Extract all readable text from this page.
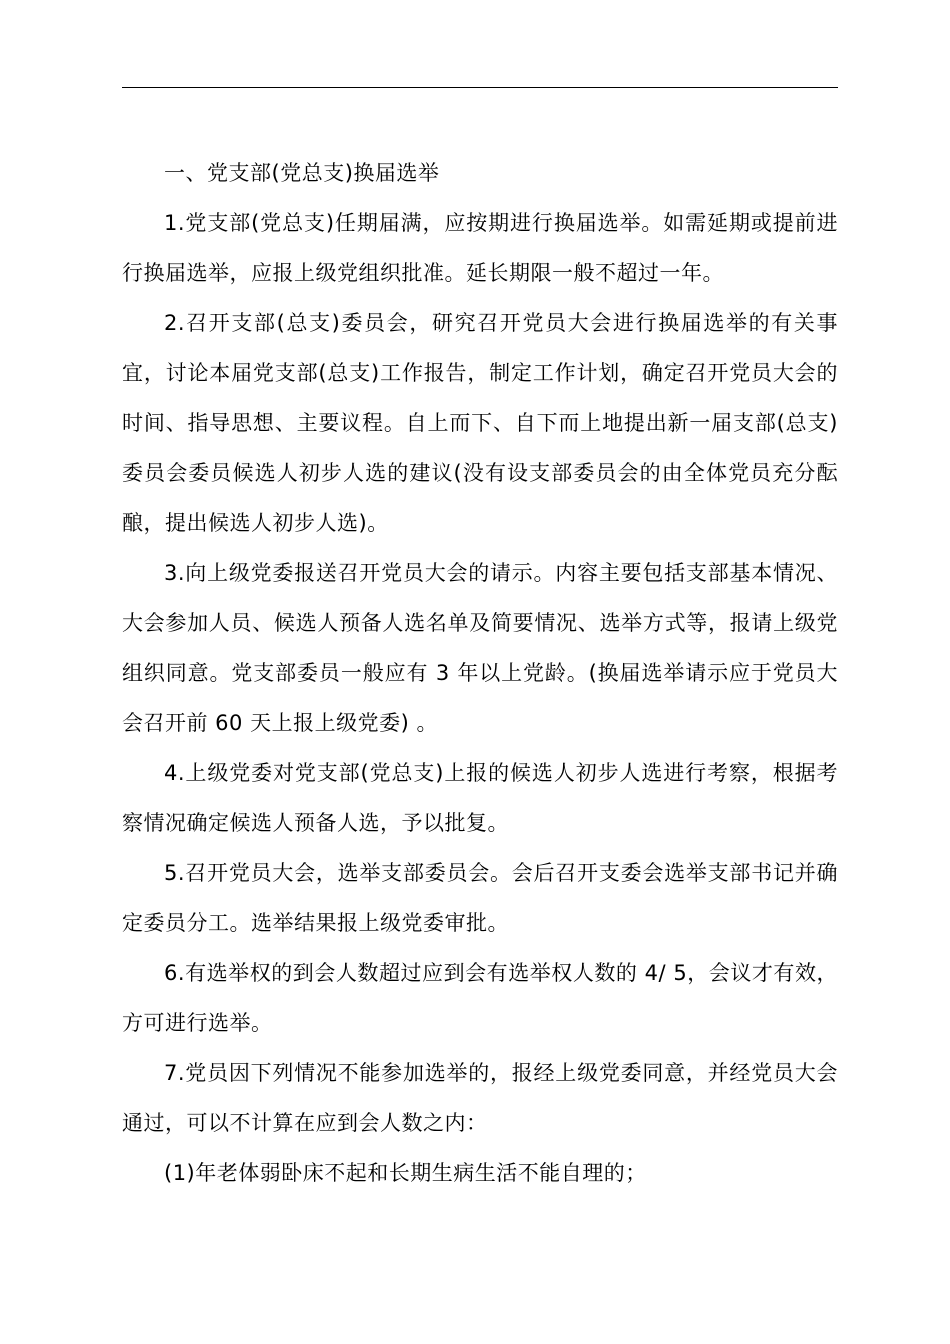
一、党支部(党总支)换届选举

1.党支部(党总支)任期届满，应按期进行换届选举。如需延期或提前进行换届选举，应报上级党组织批准。延长期限一般不超过一年。

2.召开支部(总支)委员会，研究召开党员大会进行换届选举的有关事宜，讨论本届党支部(总支)工作报告，制定工作计划，确定召开党员大会的时间、指导思想、主要议程。自上而下、自下而上地提出新一届支部(总支)委员会委员候选人初步人选的建议(没有设支部委员会的由全体党员充分酝酿，提出候选人初步人选)。

3.向上级党委报送召开党员大会的请示。内容主要包括支部基本情况、大会参加人员、候选人预备人选名单及简要情况、选举方式等，报请上级党组织同意。党支部委员一般应有 3 年以上党龄。(换届选举请示应于党员大会召开前 60 天上报上级党委) 。

4.上级党委对党支部(党总支)上报的候选人初步人选进行考察，根据考察情况确定候选人预备人选，予以批复。

5.召开党员大会，选举支部委员会。会后召开支委会选举支部书记并确定委员分工。选举结果报上级党委审批。

6.有选举权的到会人数超过应到会有选举权人数的 4/ 5，会议才有效，方可进行选举。

7.党员因下列情况不能参加选举的，报经上级党委同意，并经党员大会通过，可以不计算在应到会人数之内：

(1)年老体弱卧床不起和长期生病生活不能自理的；
